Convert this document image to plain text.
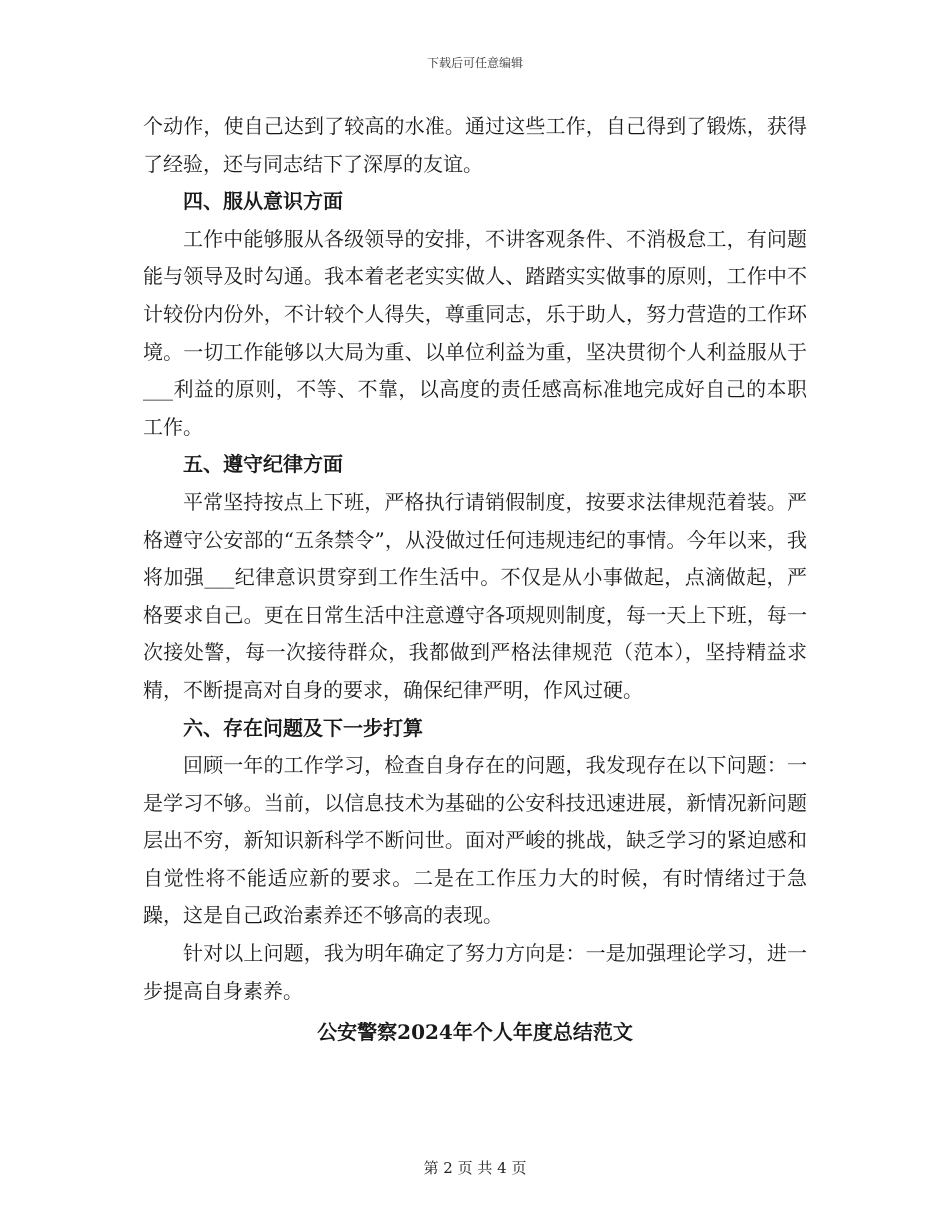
下载后可任意编辑

个动作，使自己达到了较高的水准。通过这些工作，自己得到了锻炼，获得了经验，还与同志结下了深厚的友谊。

四、服从意识方面

工作中能够服从各级领导的安排，不讲客观条件、不消极怠工，有问题能与领导及时勾通。我本着老老实实做人、踏踏实实做事的原则，工作中不计较份内份外，不计较个人得失，尊重同志，乐于助人，努力营造的工作环境。一切工作能够以大局为重、以单位利益为重，坚决贯彻个人利益服从于___利益的原则，不等、不靠，以高度的责任感高标准地完成好自己的本职工作。

五、遵守纪律方面

平常坚持按点上下班，严格执行请销假制度，按要求法律规范着装。严格遵守公安部的“五条禁令”，从没做过任何违规违纪的事情。今年以来，我将加强___纪律意识贯穿到工作生活中。不仅是从小事做起，点滴做起，严格要求自己。更在日常生活中注意遵守各项规则制度，每一天上下班，每一次接处警，每一次接待群众，我都做到严格法律规范（范本），坚持精益求精，不断提高对自身的要求，确保纪律严明，作风过硬。

六、存在问题及下一步打算

回顾一年的工作学习，检查自身存在的问题，我发现存在以下问题：一是学习不够。当前，以信息技术为基础的公安科技迅速进展，新情况新问题层出不穷，新知识新科学不断问世。面对严峻的挑战，缺乏学习的紧迫感和自觉性将不能适应新的要求。二是在工作压力大的时候，有时情绪过于急躁，这是自己政治素养还不够高的表现。

针对以上问题，我为明年确定了努力方向是：一是加强理论学习，进一步提高自身素养。

公安警察2024年个人年度总结范文

第 2 页 共 4 页
